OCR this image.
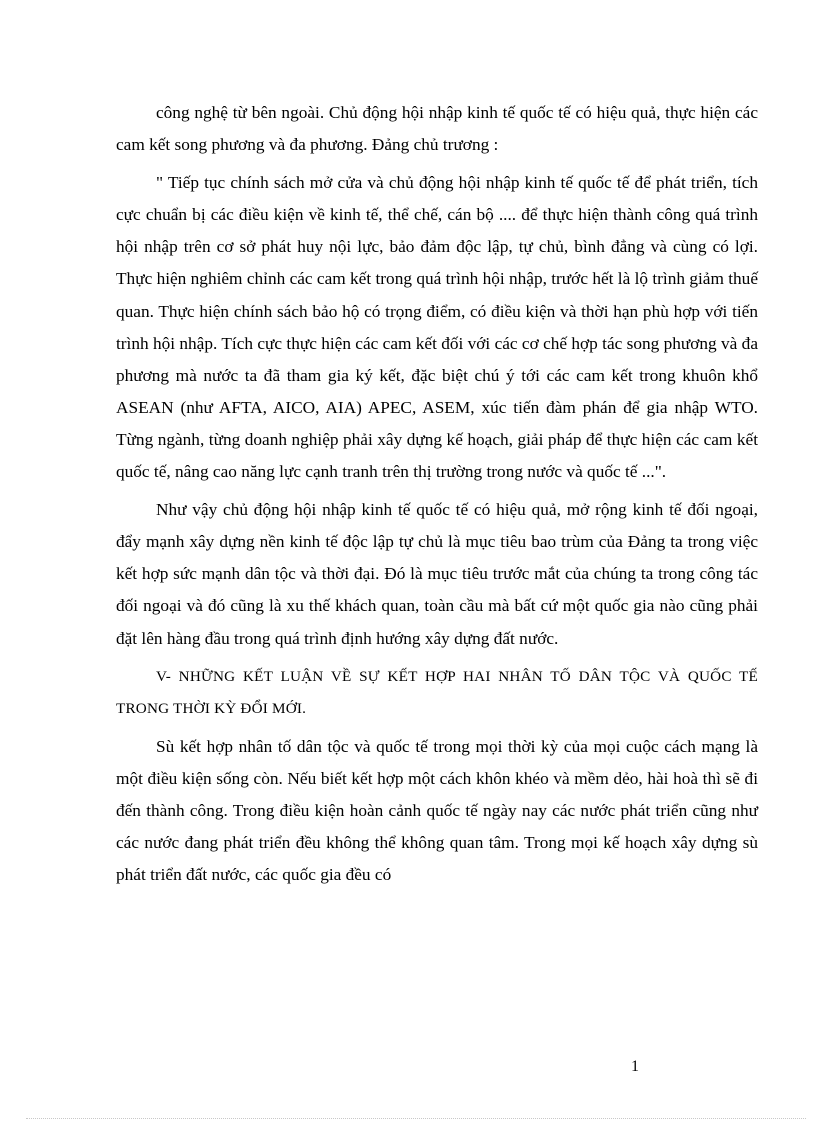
công nghệ từ bên ngoài. Chủ động hội nhập kinh tế quốc tế có hiệu quả, thực hiện các cam kết song phương và đa phương. Đảng chủ trương :

" Tiếp tục chính sách mở cửa và chủ động hội nhập kinh tế quốc tế để phát triển, tích cực chuẩn bị các điều kiện về kinh tế, thể chế, cán bộ .... để thực hiện thành công quá trình hội nhập trên cơ sở phát huy nội lực, bảo đảm độc lập, tự chủ, bình đẳng và cùng có lợi. Thực hiện nghiêm chỉnh các cam kết trong quá trình hội nhập, trước hết là lộ trình giảm thuế quan. Thực hiện chính sách bảo hộ có trọng điểm, có điều kiện và thời hạn phù hợp với tiến trình hội nhập. Tích cực thực hiện các cam kết đối với các cơ chế hợp tác song phương và đa phương mà nước ta đã tham gia ký kết, đặc biệt chú ý tới các cam kết trong khuôn khổ ASEAN (như AFTA, AICO, AIA) APEC, ASEM, xúc tiến đàm phán để gia nhập WTO. Từng ngành, từng doanh nghiệp phải xây dựng kế hoạch, giải pháp để thực hiện các cam kết quốc tế, nâng cao năng lực cạnh tranh trên thị trường trong nước và quốc tế ...".

Như vậy chủ động hội nhập kinh tế quốc tế có hiệu quả, mở rộng kinh tế đối ngoại, đẩy mạnh xây dựng nền kinh tế độc lập tự chủ là mục tiêu bao trùm của Đảng ta trong việc kết hợp sức mạnh dân tộc và thời đại. Đó là mục tiêu trước mắt của chúng ta trong công tác đối ngoại và đó cũng là xu thế khách quan, toàn cầu mà bất cứ một quốc gia nào cũng phải đặt lên hàng đầu trong quá trình định hướng xây dựng đất nước.

V- NHỮNG KẾT LUẬN VỀ SỰ KẾT HỢP HAI NHÂN TỐ DÂN TỘC VÀ QUỐC TẾ TRONG THỜI KỲ ĐỔI MỚI.

Sù kết hợp nhân tố dân tộc và quốc tế trong mọi thời kỳ của mọi cuộc cách mạng là một điều kiện sống còn. Nếu biết kết hợp một cách khôn khéo và mềm dẻo, hài hoà thì sẽ đi đến thành công. Trong điều kiện hoàn cảnh quốc tế ngày nay các nước phát triển cũng như các nước đang phát triển đều không thể không quan tâm. Trong mọi kế hoạch xây dựng sù phát triển đất nước, các quốc gia đều có

1
